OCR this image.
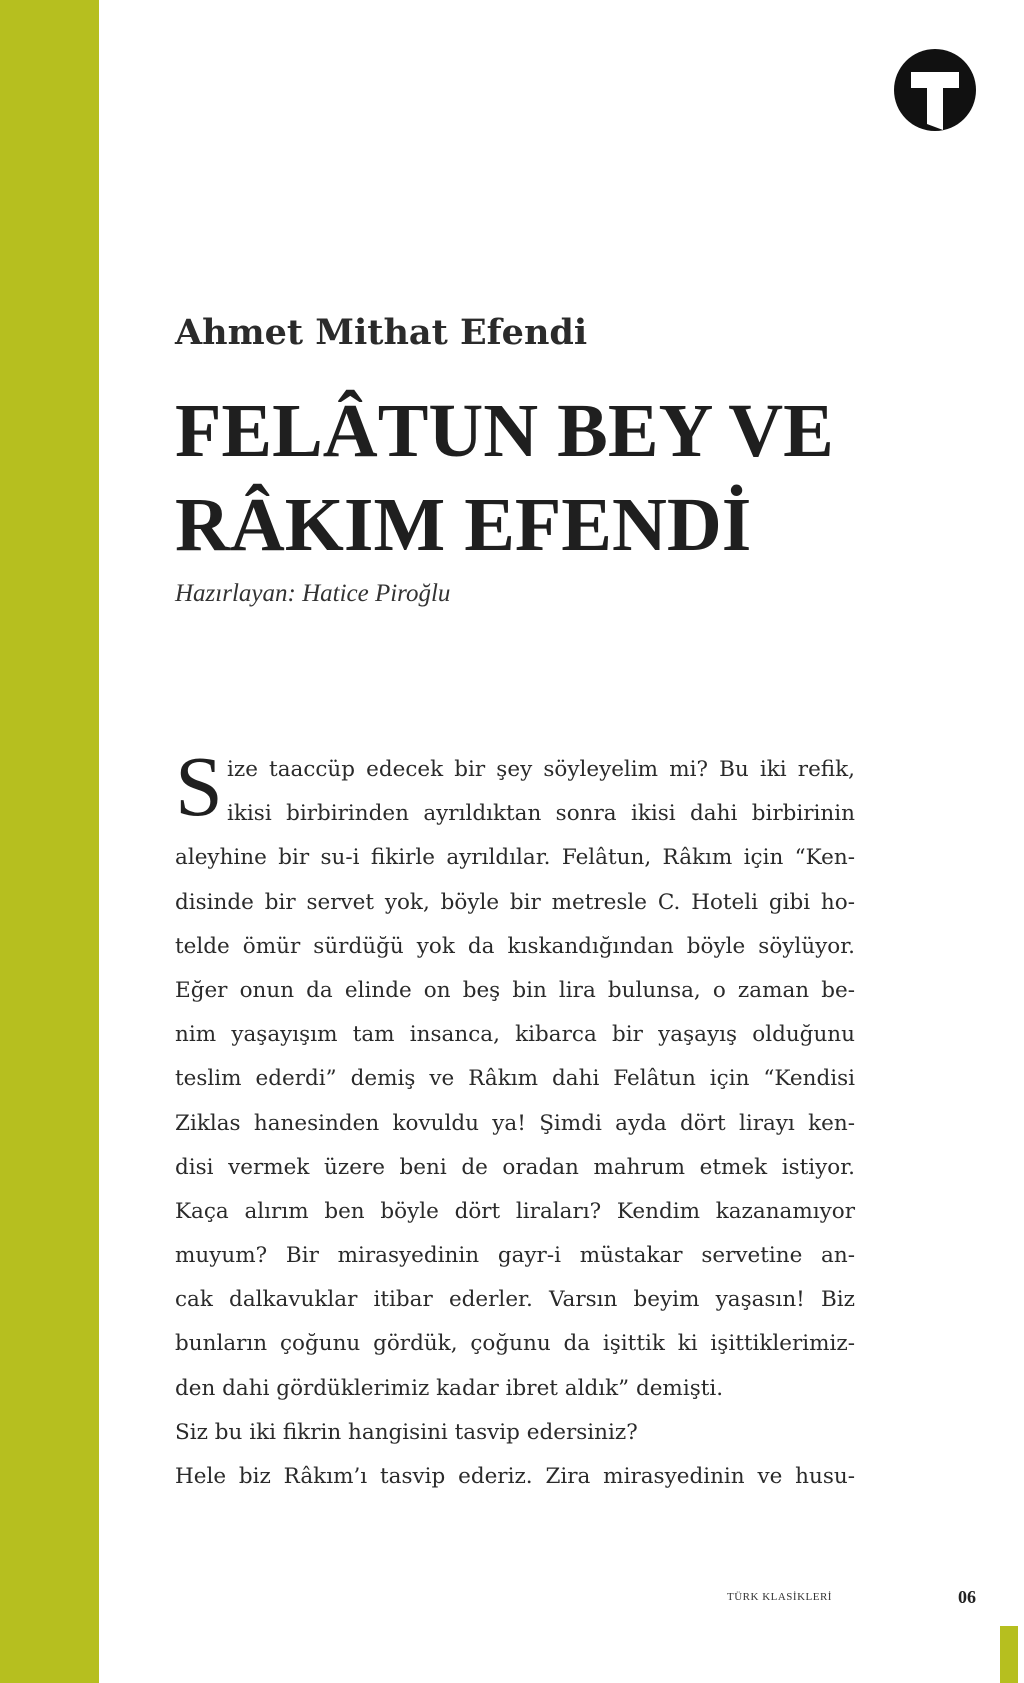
Ahmet Mithat Efendi
FELÂTUN BEY VE
RÂKIM EFENDİ

Hazırlayan: Hatice Piroğlu

S ize taaccüp edecek bir şey söyleyelim mi? Bu iki refik,
ikisi birbirinden ayrıldıktan sonra ikisi dahi birbirinin
aleyhine bir su-i fikirle ayrıldılar. Felâtun, Râkım için “Ken-
disinde bir servet yok, böyle bir metresle C. Hoteli gibi ho-
telde ömür sürdüğü yok da kıskandığından böyle söylüyor.
Eğer onun da elinde on beş bin lira bulunsa, o zaman be-
nim yaşayışım tam insanca, kibarca bir yaşayış olduğunu
teslim ederdi” demiş ve Râkım dahi Felâtun için “Kendisi
Ziklas hanesinden kovuldu ya! Şimdi ayda dört lirayı ken-
disi vermek üzere beni de oradan mahrum etmek istiyor.
Kaça alırım ben böyle dört liraları? Kendim kazanamıyor
muyum? Bir mirasyedinin gayr-i müstakar servetine an-
cak dalkavuklar itibar ederler. Varsın beyim yaşasın! Biz
bunların çoğunu gördük, çoğunu da işittik ki işittiklerimiz-
den dahi gördüklerimiz kadar ibret aldık” demişti.
Siz bu iki fikrin hangisini tasvip edersiniz?
Hele biz Râkım’ı tasvip ederiz. Zira mirasyedinin ve husu-
TÜRK KLASİKLERİ	06
